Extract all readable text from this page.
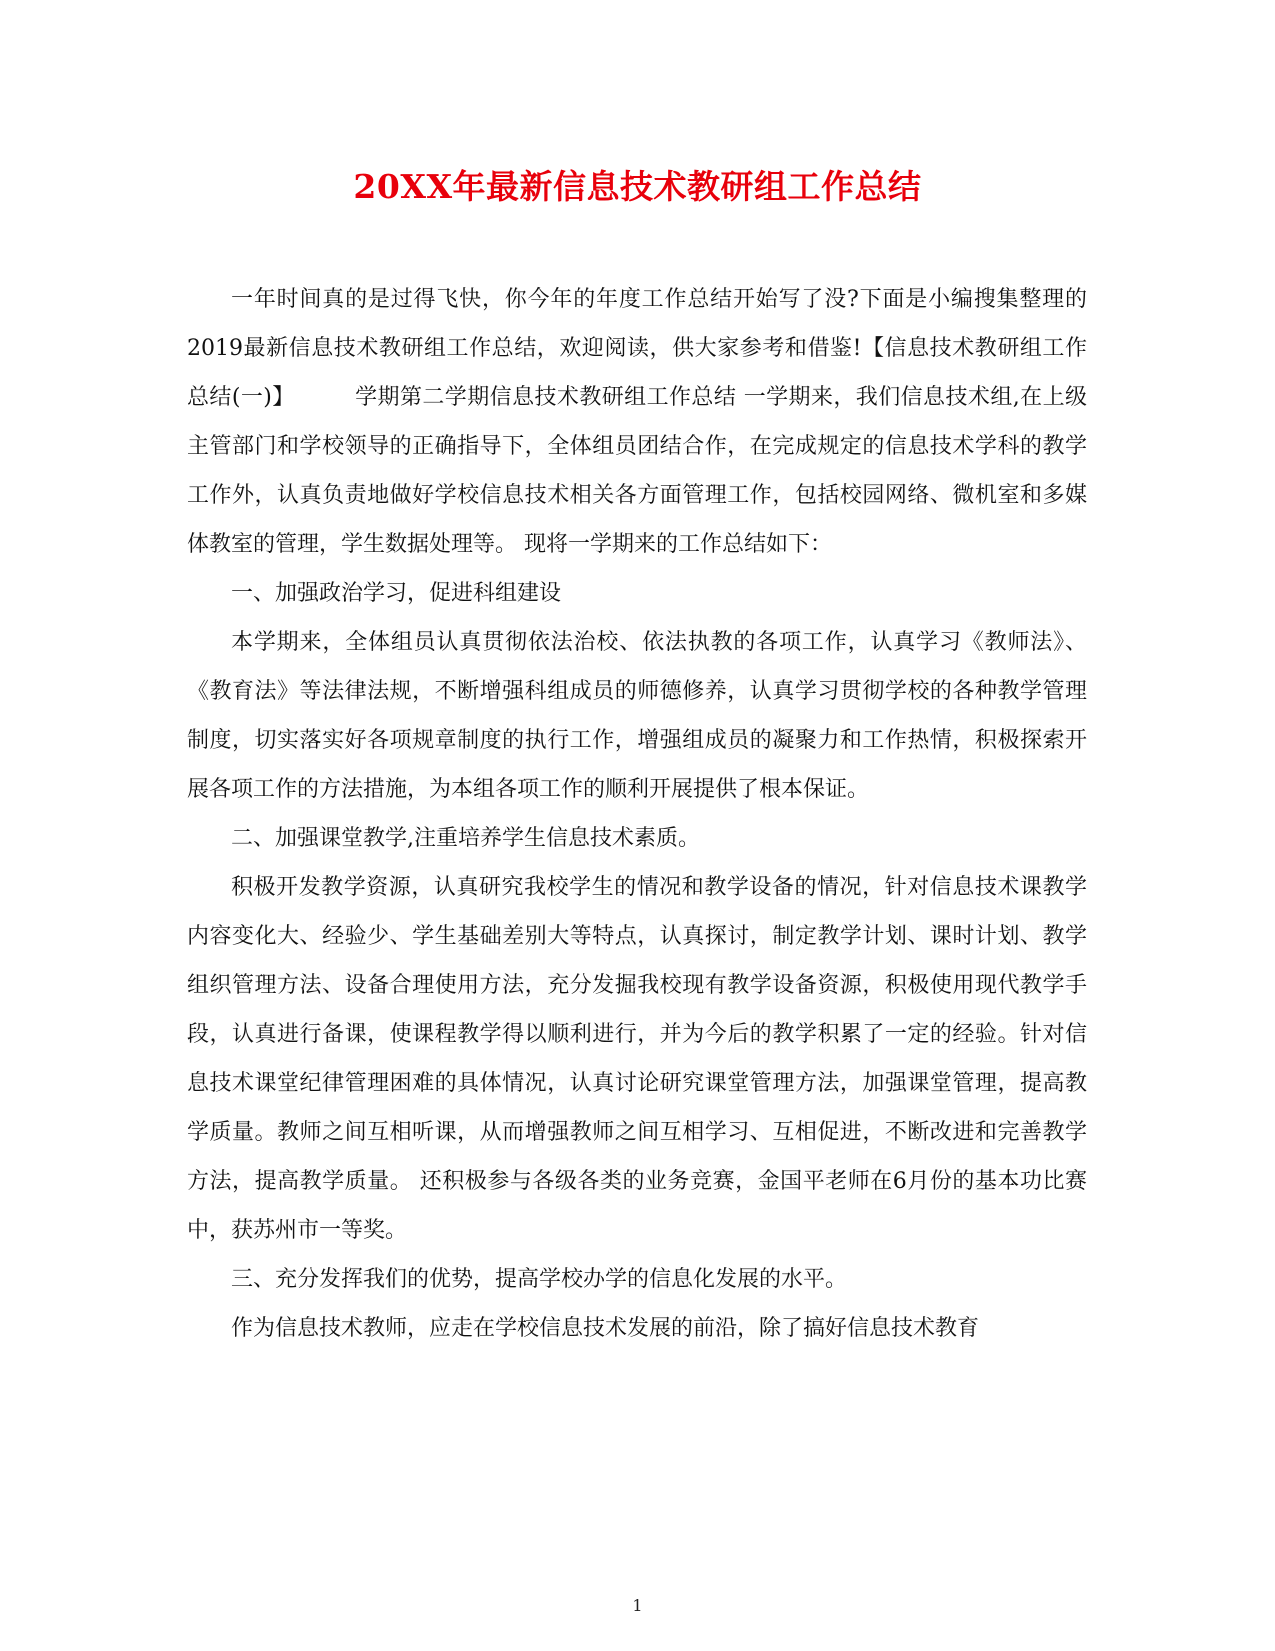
20XX年最新信息技术教研组工作总结

一年时间真的是过得飞快，你今年的年度工作总结开始写了没?下面是小编搜集整理的2019最新信息技术教研组工作总结，欢迎阅读，供大家参考和借鉴!【信息技术教研组工作总结(一)】	学期第二学期信息技术教研组工作总结 一学期来，我们信息技术组,在上级主管部门和学校领导的正确指导下，全体组员团结合作，在完成规定的信息技术学科的教学工作外，认真负责地做好学校信息技术相关各方面管理工作，包括校园网络、微机室和多媒体教室的管理，学生数据处理等。 现将一学期来的工作总结如下：

一、加强政治学习，促进科组建设

本学期来，全体组员认真贯彻依法治校、依法执教的各项工作，认真学习《教师法》、《教育法》等法律法规，不断增强科组成员的师德修养，认真学习贯彻学校的各种教学管理制度，切实落实好各项规章制度的执行工作，增强组成员的凝聚力和工作热情，积极探索开展各项工作的方法措施，为本组各项工作的顺利开展提供了根本保证。

二、加强课堂教学,注重培养学生信息技术素质。

积极开发教学资源，认真研究我校学生的情况和教学设备的情况，针对信息技术课教学内容变化大、经验少、学生基础差别大等特点，认真探讨，制定教学计划、课时计划、教学组织管理方法、设备合理使用方法，充分发掘我校现有教学设备资源，积极使用现代教学手段，认真进行备课，使课程教学得以顺利进行，并为今后的教学积累了一定的经验。针对信息技术课堂纪律管理困难的具体情况，认真讨论研究课堂管理方法，加强课堂管理，提高教学质量。教师之间互相听课，从而增强教师之间互相学习、互相促进，不断改进和完善教学方法，提高教学质量。 还积极参与各级各类的业务竞赛，金国平老师在6月份的基本功比赛中，获苏州市一等奖。

三、充分发挥我们的优势，提高学校办学的信息化发展的水平。

作为信息技术教师，应走在学校信息技术发展的前沿，除了搞好信息技术教育

1
